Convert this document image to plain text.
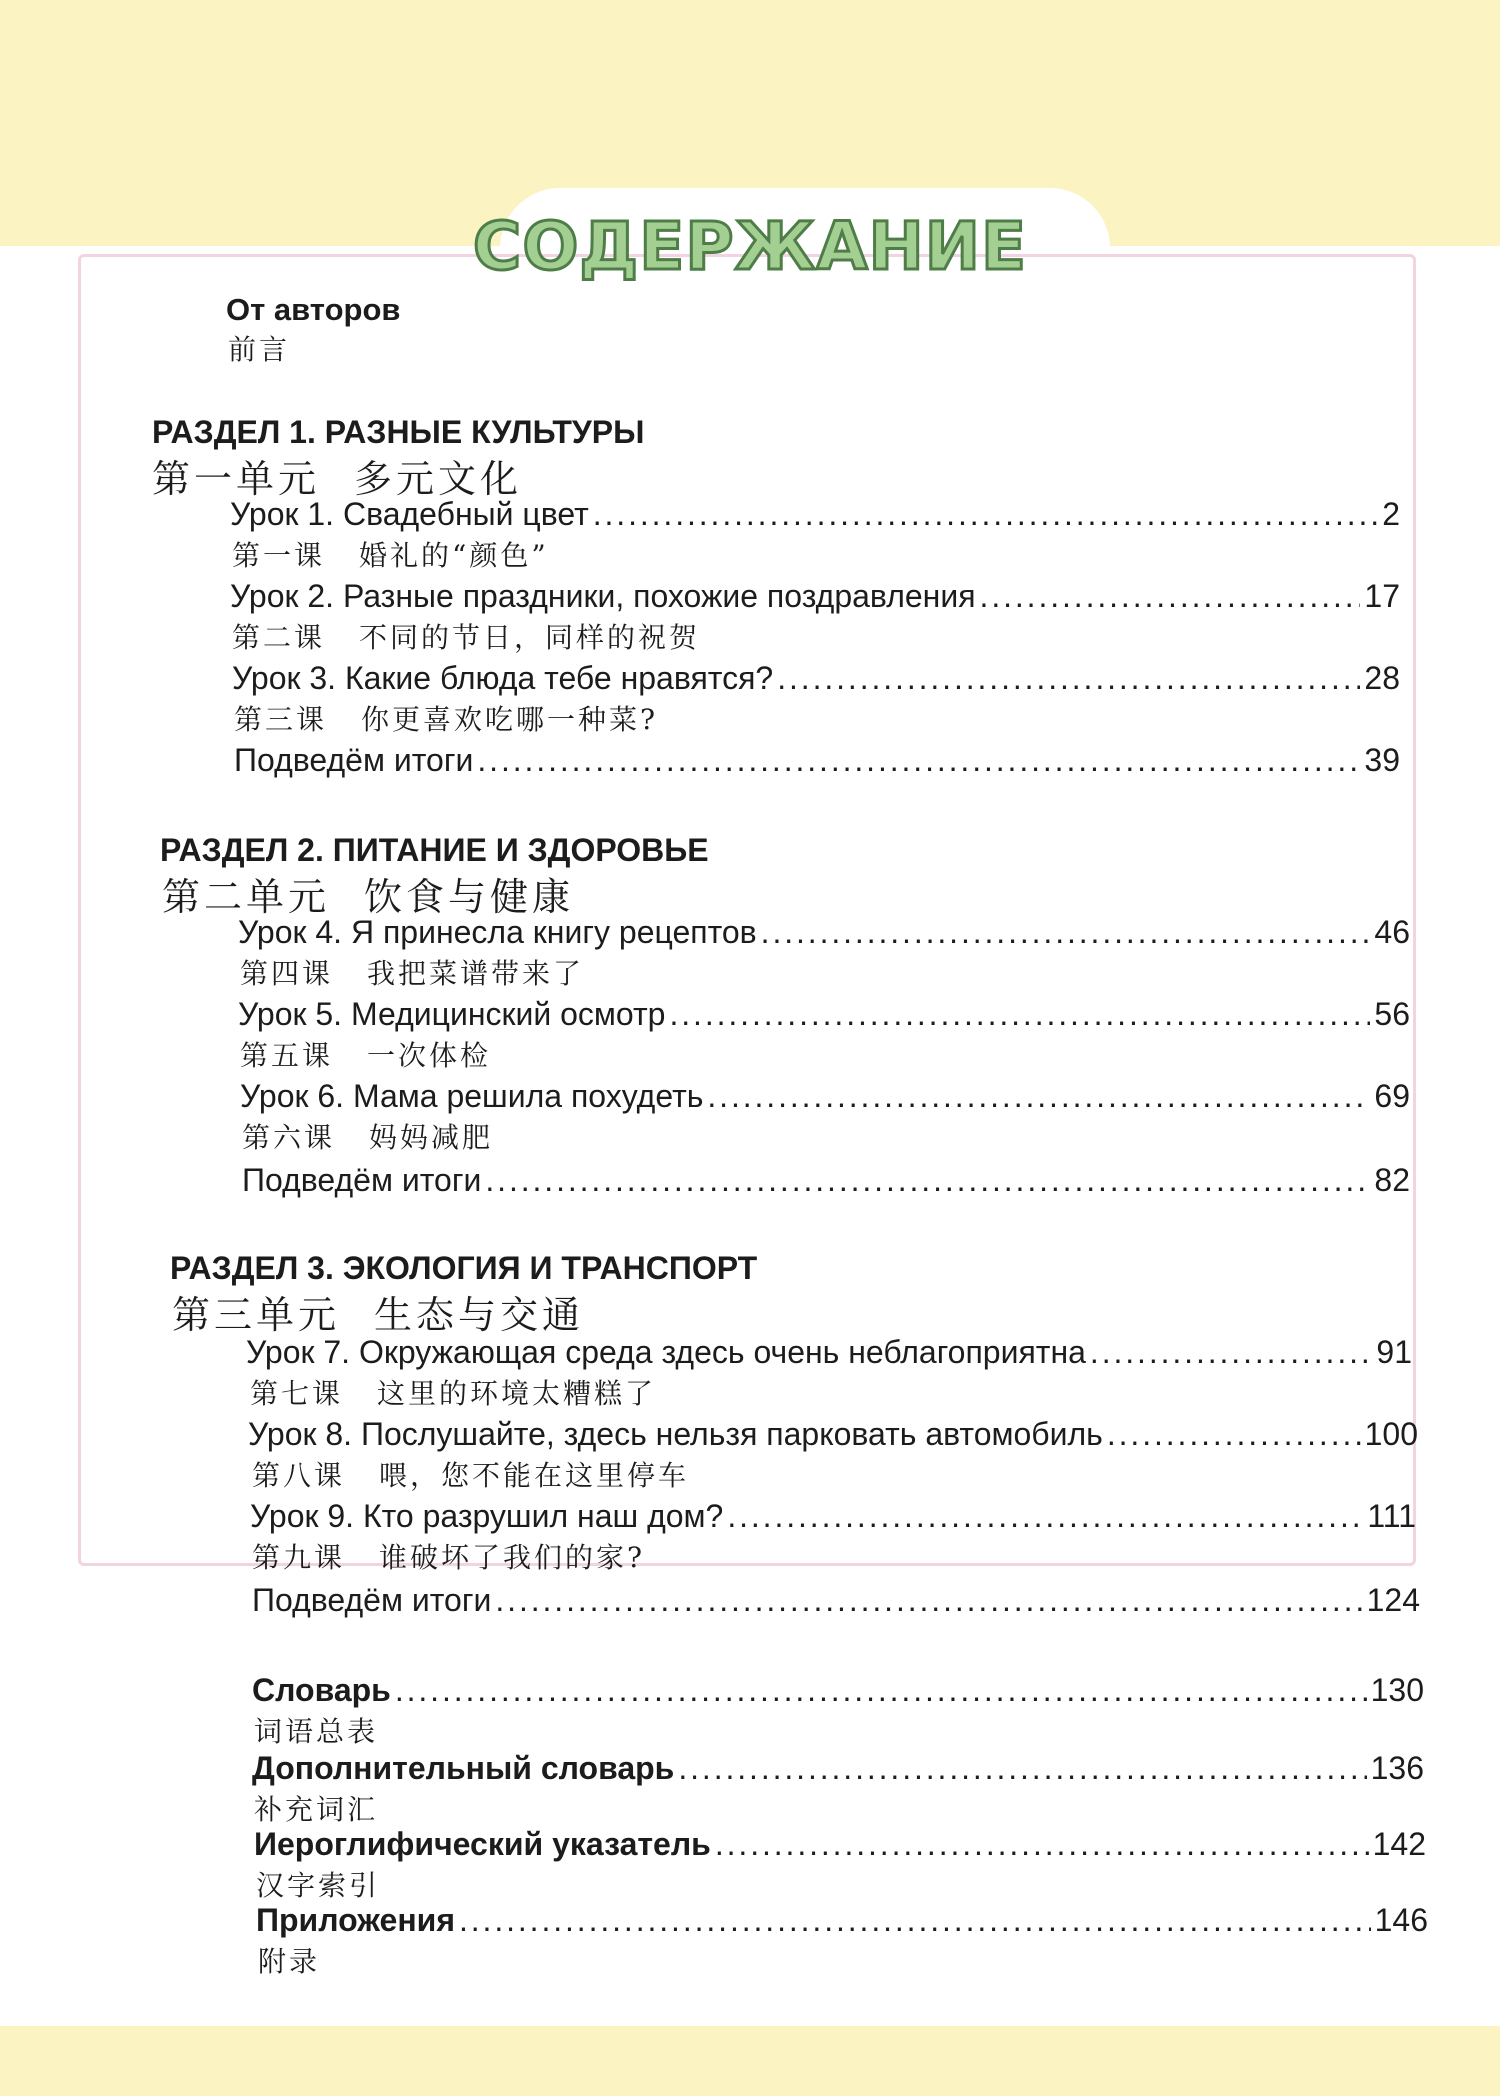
СОДЕРЖАНИЕ
От авторов
前言
РАЗДЕЛ 1. РАЗНЫЕ КУЛЬТУРЫ
第一单元 多元文化
Урок 1. Свадебный цвет . . .	2
第一课 婚礼的“颜色”
Урок 2. Разные праздники, похожие поздравления . . .	17
第二课 不同的节日，同样的祝贺
Урок 3. Какие блюда тебе нравятся? . . .	28
第三课 你更喜欢吃哪一种菜?
Подведём итоги . . .	39
РАЗДЕЛ 2. ПИТАНИЕ И ЗДОРОВЬЕ
第二单元 饮食与健康
Урок 4. Я принесла книгу рецептов . . .	46
第四课 我把菜谱带来了
Урок 5. Медицинский осмотр . . .	56
第五课 一次体检
Урок 6. Мама решила похудеть . . .	69
第六课 妈妈减肥
Подведём итоги . . .	82
РАЗДЕЛ 3. ЭКОЛОГИЯ И ТРАНСПОРТ
第三单元 生态与交通
Урок 7. Окружающая среда здесь очень неблагоприятна . . .	91
第七课 这里的环境太糟糕了
Урок 8. Послушайте, здесь нельзя парковать автомобиль . . .	100
第八课 喂，您不能在这里停车
Урок 9. Кто разрушил наш дом? . . .	111
第九课 谁破坏了我们的家?
Подведём итоги . . .	124
Словарь . . .	130
词语总表
Дополнительный словарь . . .	136
补充词汇
Иероглифический указатель . . .	142
汉字索引
Приложения . . .	146
附录
